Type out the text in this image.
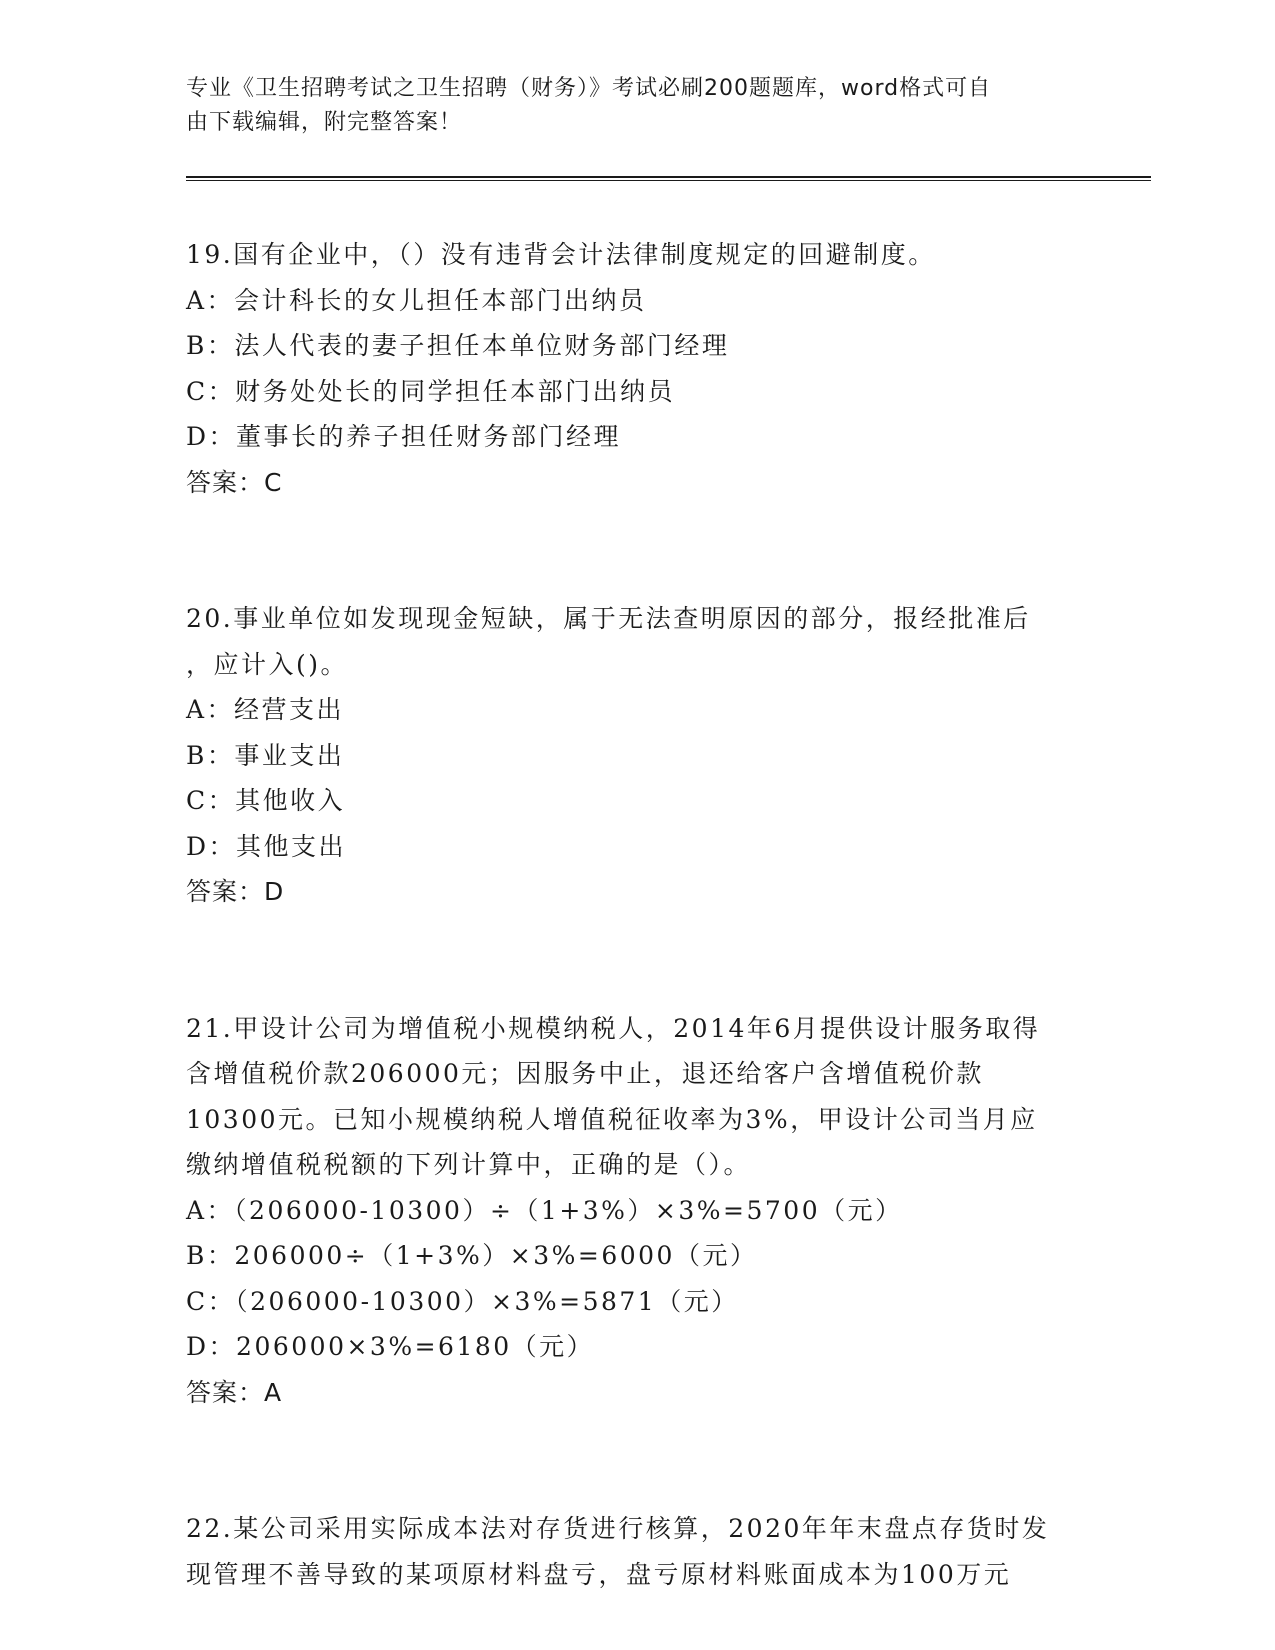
专业《卫生招聘考试之卫生招聘（财务）》考试必刷200题题库，word格式可自
由下载编辑，附完整答案！
19.国有企业中，（）没有违背会计法律制度规定的回避制度。
A：会计科长的女儿担任本部门出纳员
B：法人代表的妻子担任本单位财务部门经理
C：财务处处长的同学担任本部门出纳员
D：董事长的养子担任财务部门经理
答案：C
20.事业单位如发现现金短缺，属于无法查明原因的部分，报经批准后
，应计入()。
A：经营支出
B：事业支出
C：其他收入
D：其他支出
答案：D
21.甲设计公司为增值税小规模纳税人，2014年6月提供设计服务取得
含增值税价款206000元；因服务中止，退还给客户含增值税价款
10300元。已知小规模纳税人增值税征收率为3%，甲设计公司当月应
缴纳增值税税额的下列计算中，正确的是（）。
A：（206000-10300）÷（1+3%）×3%=5700（元）
B：206000÷（1+3%）×3%=6000（元）
C：（206000-10300）×3%=5871（元）
D：206000×3%=6180（元）
答案：A
22.某公司采用实际成本法对存货进行核算，2020年年末盘点存货时发
现管理不善导致的某项原材料盘亏，盘亏原材料账面成本为100万元
